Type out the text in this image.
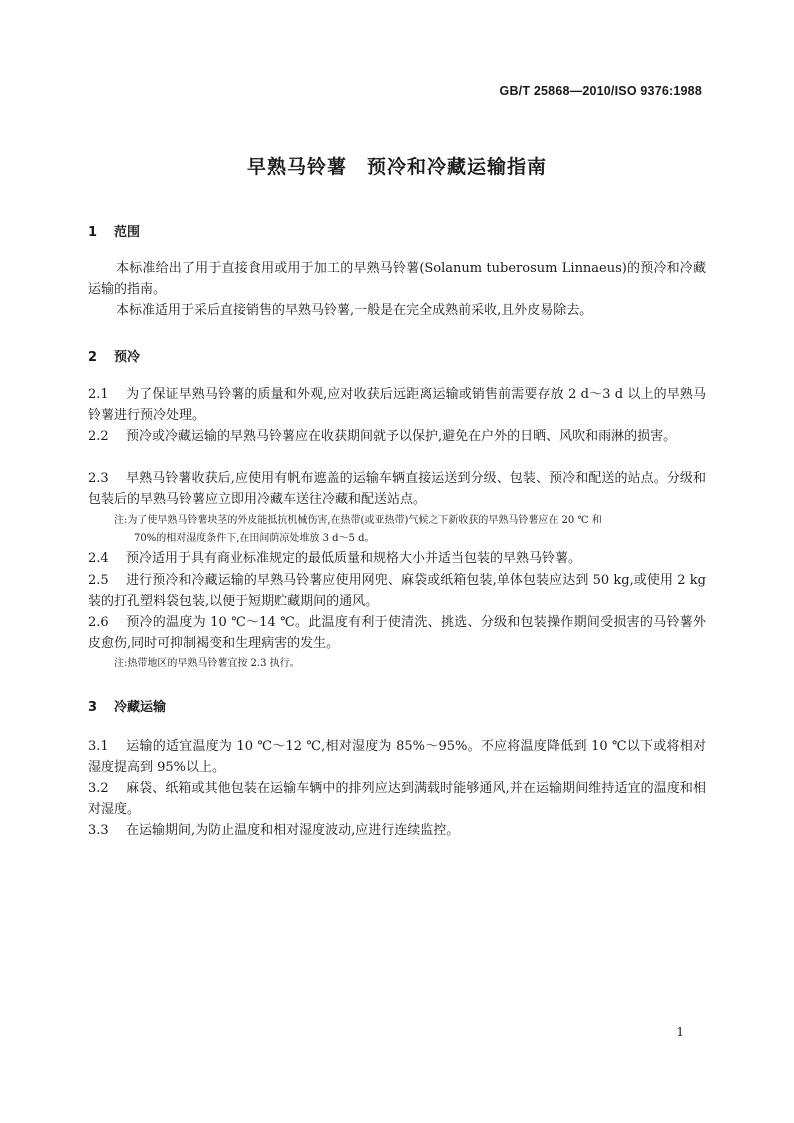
GB/T 25868—2010/ISO 9376:1988
早熟马铃薯　预冷和冷藏运输指南
1 范围
本标准给出了用于直接食用或用于加工的早熟马铃薯(Solanum tuberosum Linnaeus)的预冷和冷藏运输的指南。
本标准适用于采后直接销售的早熟马铃薯,一般是在完全成熟前采收,且外皮易除去。
2 预冷
2.1 为了保证早熟马铃薯的质量和外观,应对收获后远距离运输或销售前需要存放 2 d～3 d 以上的早熟马铃薯进行预冷处理。
2.2 预冷或冷藏运输的早熟马铃薯应在收获期间就予以保护,避免在户外的日晒、风吹和雨淋的损害。
2.3 早熟马铃薯收获后,应使用有帆布遮盖的运输车辆直接运送到分级、包装、预冷和配送的站点。分级和包装后的早熟马铃薯应立即用冷藏车送往冷藏和配送站点。
注:为了使早熟马铃薯块茎的外皮能抵抗机械伤害,在热带(或亚热带)气候之下新收获的早熟马铃薯应在 20 ℃ 和
70%的相对湿度条件下,在田间荫凉处堆放 3 d～5 d。
2.4 预冷适用于具有商业标准规定的最低质量和规格大小并适当包装的早熟马铃薯。
2.5 进行预冷和冷藏运输的早熟马铃薯应使用网兜、麻袋或纸箱包装,单体包装应达到 50 kg,或使用 2 kg 装的打孔塑料袋包装,以便于短期贮藏期间的通风。
2.6 预冷的温度为 10 ℃～14 ℃。此温度有利于使清洗、挑选、分级和包装操作期间受损害的马铃薯外皮愈伤,同时可抑制褐变和生理病害的发生。
注:热带地区的早熟马铃薯宜按 2.3 执行。
3 冷藏运输
3.1 运输的适宜温度为 10 ℃～12 ℃,相对湿度为 85%～95%。不应将温度降低到 10 ℃以下或将相对湿度提高到 95%以上。
3.2 麻袋、纸箱或其他包装在运输车辆中的排列应达到满载时能够通风,并在运输期间维持适宜的温度和相对湿度。
3.3 在运输期间,为防止温度和相对湿度波动,应进行连续监控。
1
